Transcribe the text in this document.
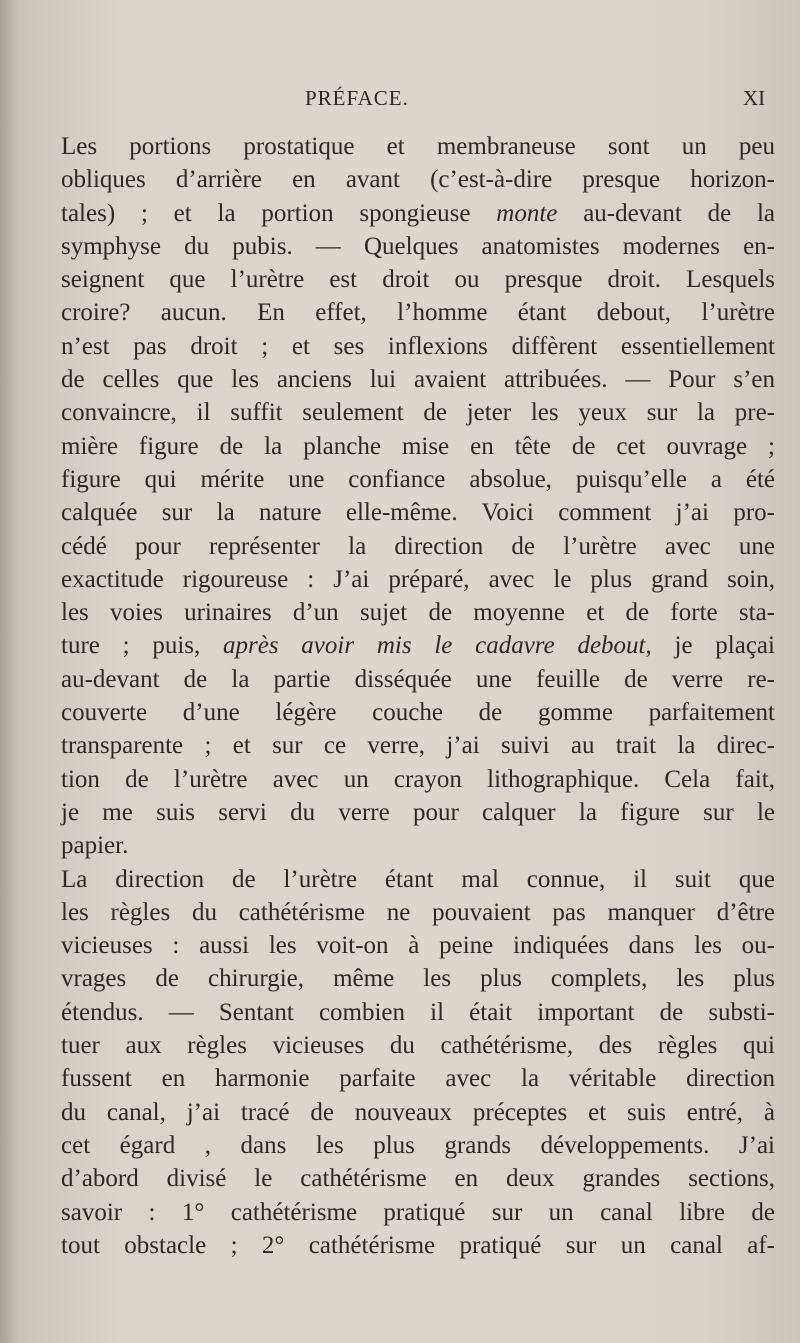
PRÉFACE.	XI
Les portions prostatique et membraneuse sont un peu
obliques d’arrière en avant (c’est-à-dire presque horizon-
tales) ; et la portion spongieuse monte au-devant de la
symphyse du pubis. — Quelques anatomistes modernes en-
seignent que l’urètre est droit ou presque droit. Lesquels
croire? aucun. En effet, l’homme étant debout, l’urètre
n’est pas droit ; et ses inflexions diffèrent essentiellement
de celles que les anciens lui avaient attribuées. — Pour s’en
convaincre, il suffit seulement de jeter les yeux sur la pre-
mière figure de la planche mise en tête de cet ouvrage ;
figure qui mérite une confiance absolue, puisqu’elle a été
calquée sur la nature elle-même. Voici comment j’ai pro-
cédé pour représenter la direction de l’urètre avec une
exactitude rigoureuse : J’ai préparé, avec le plus grand soin,
les voies urinaires d’un sujet de moyenne et de forte sta-
ture ; puis, après avoir mis le cadavre debout, je plaçai
au-devant de la partie disséquée une feuille de verre re-
couverte d’une légère couche de gomme parfaitement
transparente ; et sur ce verre, j’ai suivi au trait la direc-
tion de l’urètre avec un crayon lithographique. Cela fait,
je me suis servi du verre pour calquer la figure sur le
papier.
La direction de l’urètre étant mal connue, il suit que
les règles du cathétérisme ne pouvaient pas manquer d’être
vicieuses : aussi les voit-on à peine indiquées dans les ou-
vrages de chirurgie, même les plus complets, les plus
étendus. — Sentant combien il était important de substi-
tuer aux règles vicieuses du cathétérisme, des règles qui
fussent en harmonie parfaite avec la véritable direction
du canal, j’ai tracé de nouveaux préceptes et suis entré, à
cet égard , dans les plus grands développements. J’ai
d’abord divisé le cathétérisme en deux grandes sections,
savoir : 1° cathétérisme pratiqué sur un canal libre de
tout obstacle ; 2° cathétérisme pratiqué sur un canal af-
